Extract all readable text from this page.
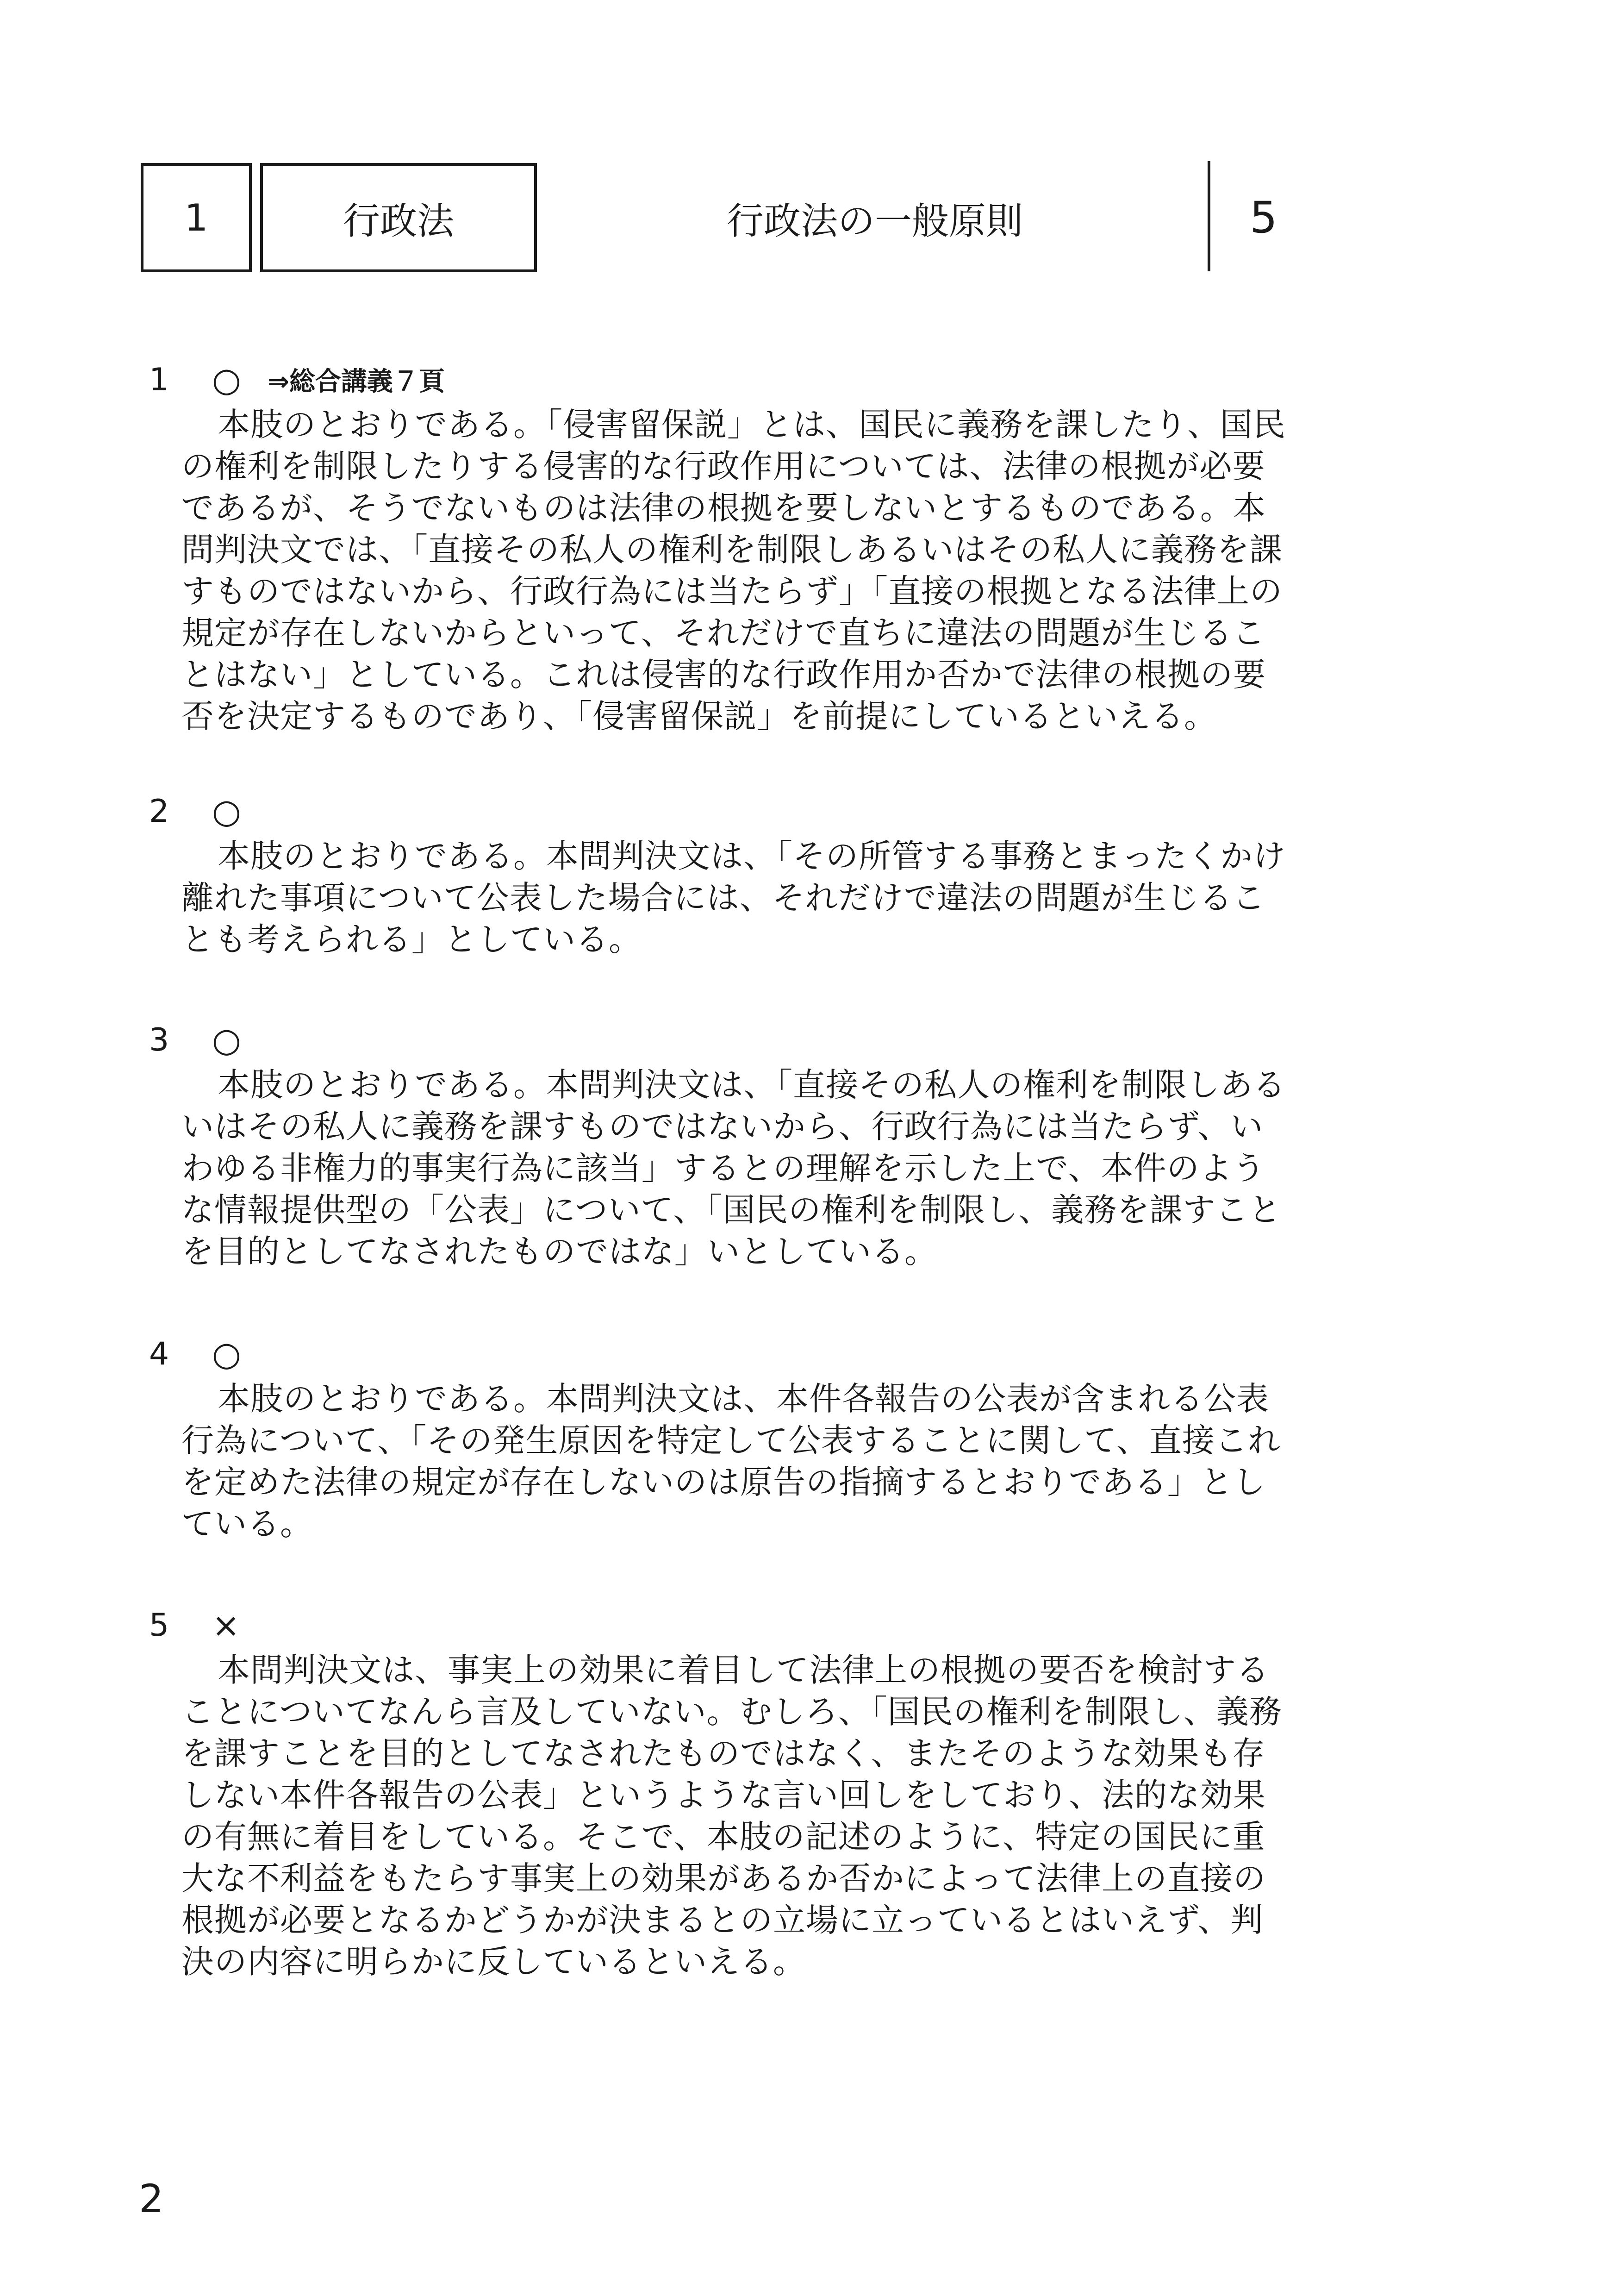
1	行政法	行政法の一般原則	5
1	○	⇒総合講義７頁
本肢のとおりである。「侵害留保説」とは、国民に義務を課したり、国民
の権利を制限したりする侵害的な行政作用については、法律の根拠が必要
であるが、そうでないものは法律の根拠を要しないとするものである。本
問判決文では、「直接その私人の権利を制限しあるいはその私人に義務を課
すものではないから、行政行為には当たらず」「直接の根拠となる法律上の
規定が存在しないからといって、それだけで直ちに違法の問題が生じるこ
とはない」としている。これは侵害的な行政作用か否かで法律の根拠の要
否を決定するものであり、「侵害留保説」を前提にしているといえる。
2	○
本肢のとおりである。本問判決文は、「その所管する事務とまったくかけ
離れた事項について公表した場合には、それだけで違法の問題が生じるこ
とも考えられる」としている。
3	○
本肢のとおりである。本問判決文は、「直接その私人の権利を制限しある
いはその私人に義務を課すものではないから、行政行為には当たらず、い
わゆる非権力的事実行為に該当」するとの理解を示した上で、本件のよう
な情報提供型の「公表」について、「国民の権利を制限し、義務を課すこと
を目的としてなされたものではな」いとしている。
4	○
本肢のとおりである。本問判決文は、本件各報告の公表が含まれる公表
行為について、「その発生原因を特定して公表することに関して、直接これ
を定めた法律の規定が存在しないのは原告の指摘するとおりである」とし
ている。
5	×
本問判決文は、事実上の効果に着目して法律上の根拠の要否を検討する
ことについてなんら言及していない。むしろ、「国民の権利を制限し、義務
を課すことを目的としてなされたものではなく、またそのような効果も存
しない本件各報告の公表」というような言い回しをしており、法的な効果
の有無に着目をしている。そこで、本肢の記述のように、特定の国民に重
大な不利益をもたらす事実上の効果があるか否かによって法律上の直接の
根拠が必要となるかどうかが決まるとの立場に立っているとはいえず、判
決の内容に明らかに反しているといえる。
2
